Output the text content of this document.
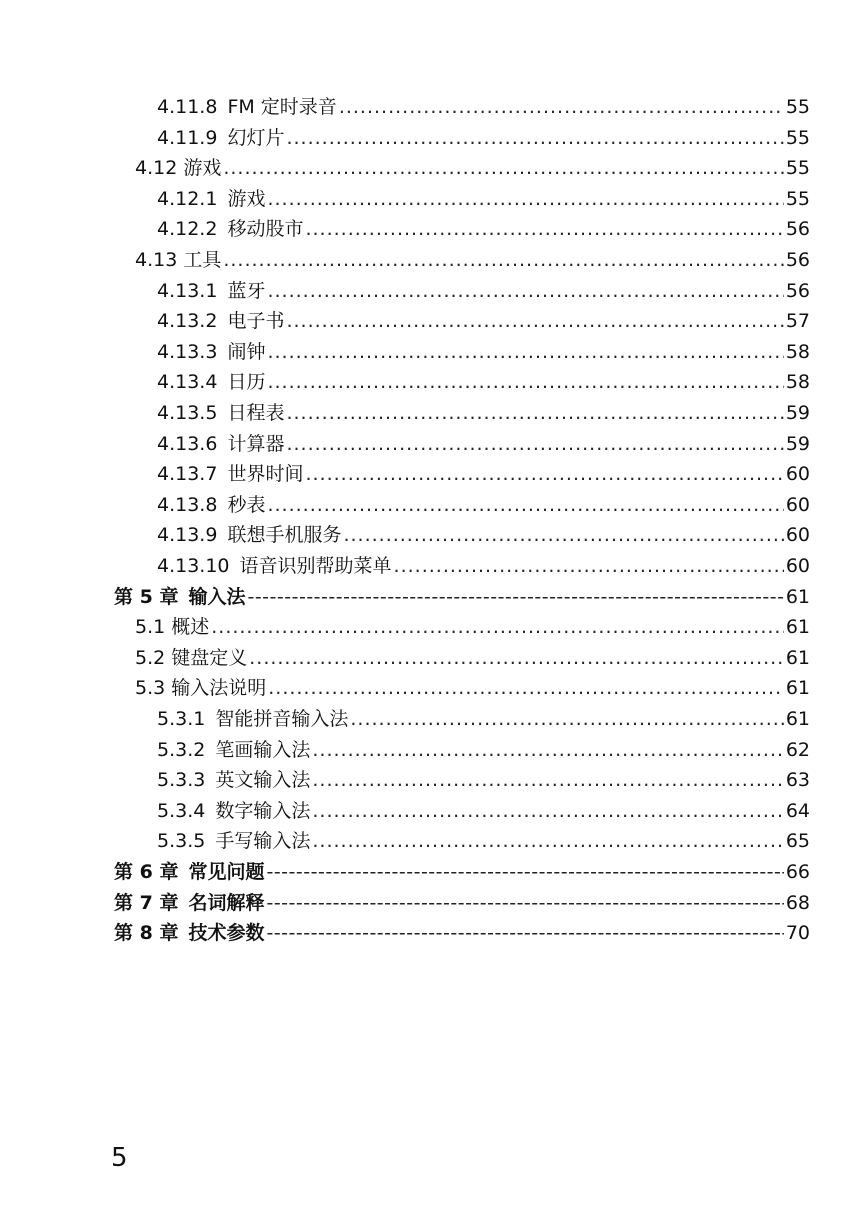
4.11.8 FM 定时录音 .....	55
4.11.9 幻灯片 .....	55
4.12 游戏 .....	55
4.12.1 游戏 .....	55
4.12.2 移动股市 .....	56
4.13 工具 .....	56
4.13.1 蓝牙 .....	56
4.13.2 电子书 .....	57
4.13.3 闹钟 .....	58
4.13.4 日历 .....	58
4.13.5 日程表 .....	59
4.13.6 计算器 .....	59
4.13.7 世界时间 .....	60
4.13.8 秒表 .....	60
4.13.9 联想手机服务 .....	60
4.13.10 语音识别帮助菜单 .....	60
第 5 章 输入法 -----	61
5.1 概述 .....	61
5.2 键盘定义 .....	61
5.3 输入法说明 .....	61
5.3.1 智能拼音输入法 .....	61
5.3.2 笔画输入法 .....	62
5.3.3 英文输入法 .....	63
5.3.4 数字输入法 .....	64
5.3.5 手写输入法 .....	65
第 6 章 常见问题 -----	66
第 7 章 名词解释 -----	68
第 8 章 技术参数 -----	70
5
